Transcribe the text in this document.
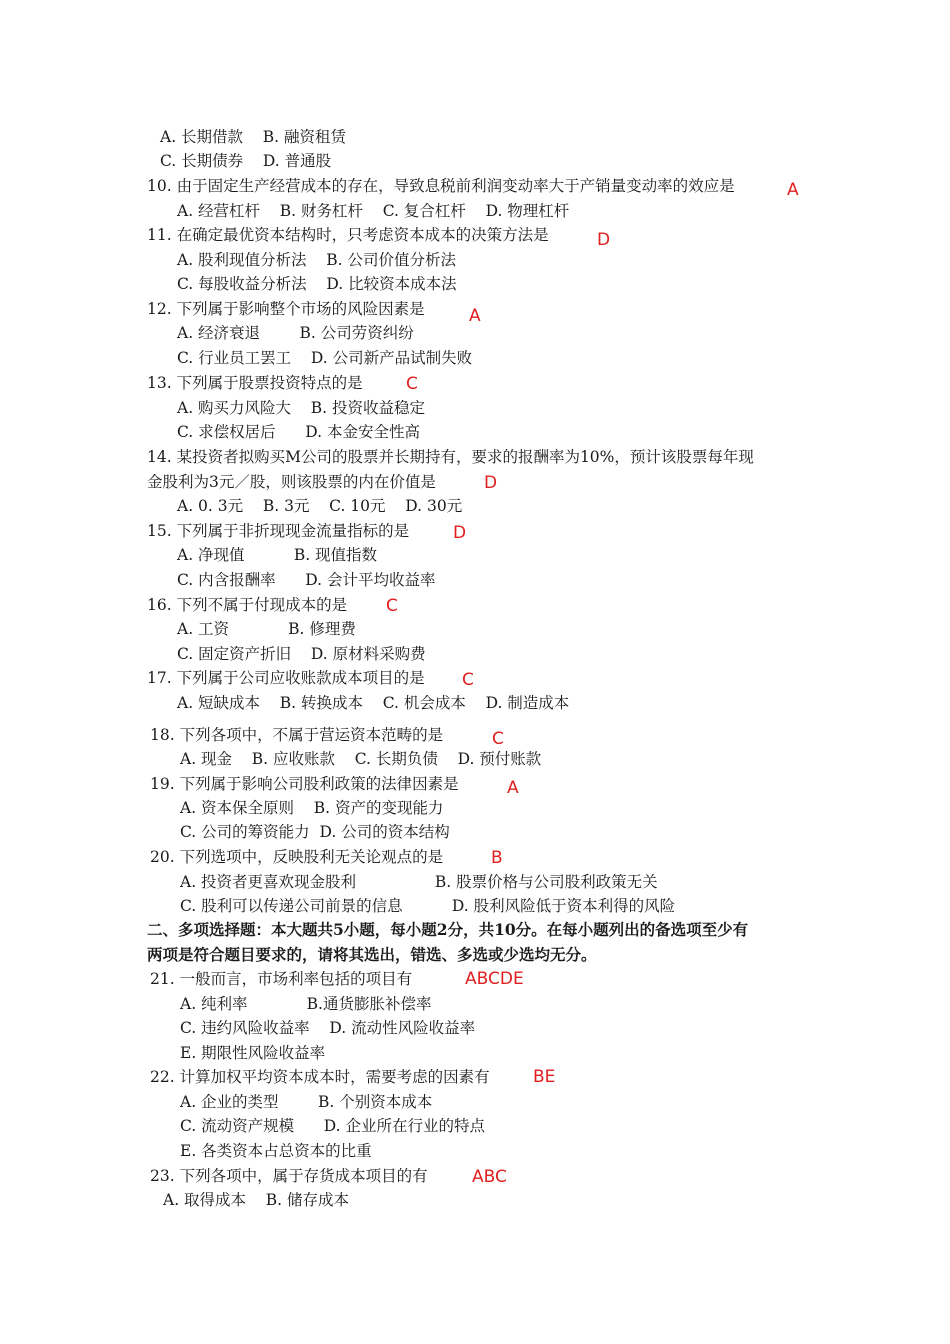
A. 长期借款    B. 融资租赁
C. 长期债券    D. 普通股
10. 由于固定生产经营成本的存在，导致息税前利润变动率大于产销量变动率的效应是
A. 经营杠杆    B. 财务杠杆    C. 复合杠杆    D. 物理杠杆
11. 在确定最优资本结构时，只考虑资本成本的决策方法是
A. 股利现值分析法    B. 公司价值分析法
C. 每股收益分析法    D. 比较资本成本法
12. 下列属于影响整个市场的风险因素是
A. 经济衰退        B. 公司劳资纠纷
C. 行业员工罢工    D. 公司新产品试制失败
13. 下列属于股票投资特点的是
A. 购买力风险大    B. 投资收益稳定
C. 求偿权居后      D. 本金安全性高
14. 某投资者拟购买M公司的股票并长期持有，要求的报酬率为10%，预计该股票每年现
金股利为3元／股，则该股票的内在价值是
A. 0. 3元    B. 3元    C. 10元    D. 30元
15. 下列属于非折现现金流量指标的是
A. 净现值          B. 现值指数
C. 内含报酬率      D. 会计平均收益率
16. 下列不属于付现成本的是
A. 工资            B. 修理费
C. 固定资产折旧    D. 原材料采购费
17. 下列属于公司应收账款成本项目的是
A. 短缺成本    B. 转换成本    C. 机会成本    D. 制造成本
18. 下列各项中，不属于营运资本范畴的是
A. 现金    B. 应收账款    C. 长期负债    D. 预付账款
19. 下列属于影响公司股利政策的法律因素是
A. 资本保全原则    B. 资产的变现能力
C. 公司的筹资能力  D. 公司的资本结构
20. 下列选项中，反映股利无关论观点的是
A. 投资者更喜欢现金股利                B. 股票价格与公司股利政策无关
C. 股利可以传递公司前景的信息          D. 股利风险低于资本利得的风险
二、多项选择题：本大题共5小题，每小题2分，共10分。在每小题列出的备选项至少有
两项是符合题目要求的，请将其选出，错选、多选或少选均无分。
21. 一般而言，市场利率包括的项目有
A. 纯利率            B.通货膨胀补偿率
C. 违约风险收益率    D. 流动性风险收益率
E. 期限性风险收益率
22. 计算加权平均资本成本时，需要考虑的因素有
A. 企业的类型        B. 个别资本成本
C. 流动资产规模      D. 企业所在行业的特点
E. 各类资本占总资本的比重
23. 下列各项中，属于存货成本项目的有
A. 取得成本    B. 储存成本
A
D
A
C
D
D
C
C
C
A
B
ABCDE
BE
ABC
